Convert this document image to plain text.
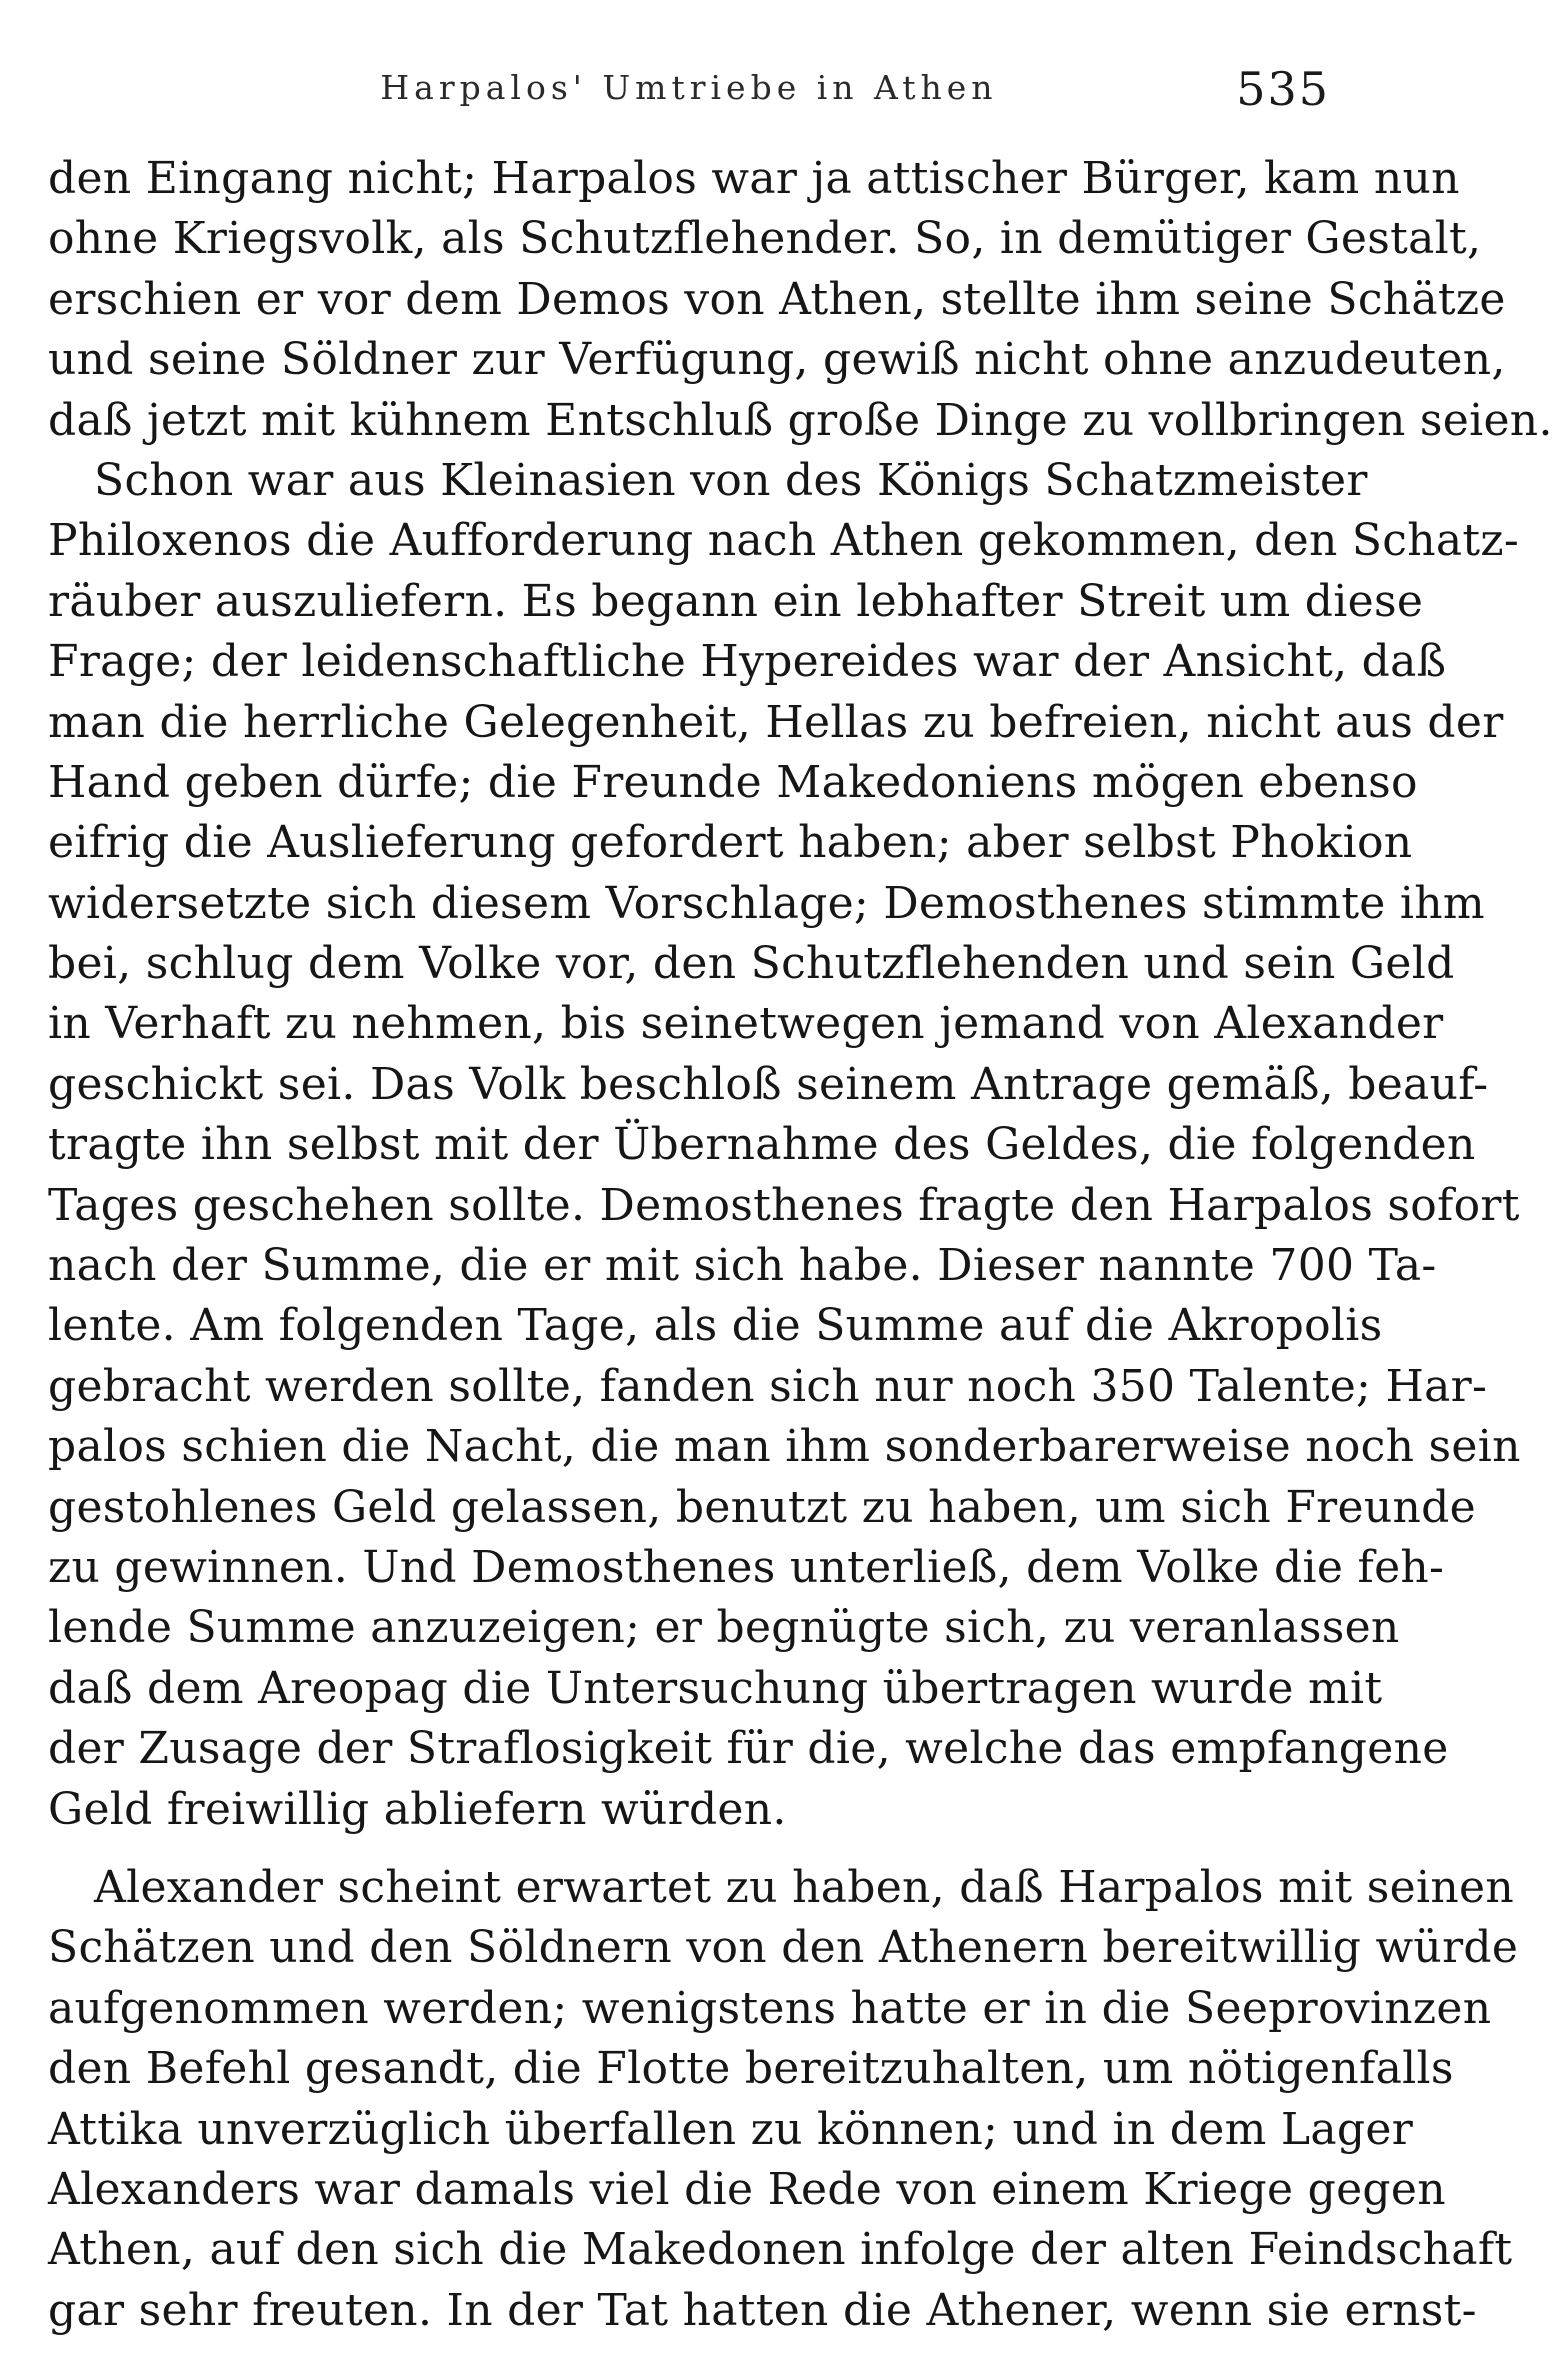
Harpalos' Umtriebe in Athen	535
den Eingang nicht; Harpalos war ja attischer Bürger, kam nun
ohne Kriegsvolk, als Schutzflehender. So, in demütiger Gestalt,
erschien er vor dem Demos von Athen, stellte ihm seine Schätze
und seine Söldner zur Verfügung, gewiß nicht ohne anzudeuten,
daß jetzt mit kühnem Entschluß große Dinge zu vollbringen seien.
Schon war aus Kleinasien von des Königs Schatzmeister
Philoxenos die Aufforderung nach Athen gekommen, den Schatz-
räuber auszuliefern. Es begann ein lebhafter Streit um diese
Frage; der leidenschaftliche Hypereides war der Ansicht, daß
man die herrliche Gelegenheit, Hellas zu befreien, nicht aus der
Hand geben dürfe; die Freunde Makedoniens mögen ebenso
eifrig die Auslieferung gefordert haben; aber selbst Phokion
widersetzte sich diesem Vorschlage; Demosthenes stimmte ihm
bei, schlug dem Volke vor, den Schutzflehenden und sein Geld
in Verhaft zu nehmen, bis seinetwegen jemand von Alexander
geschickt sei. Das Volk beschloß seinem Antrage gemäß, beauf-
tragte ihn selbst mit der Übernahme des Geldes, die folgenden
Tages geschehen sollte. Demosthenes fragte den Harpalos sofort
nach der Summe, die er mit sich habe. Dieser nannte 700 Ta-
lente. Am folgenden Tage, als die Summe auf die Akropolis
gebracht werden sollte, fanden sich nur noch 350 Talente; Har-
palos schien die Nacht, die man ihm sonderbarerweise noch sein
gestohlenes Geld gelassen, benutzt zu haben, um sich Freunde
zu gewinnen. Und Demosthenes unterließ, dem Volke die feh-
lende Summe anzuzeigen; er begnügte sich, zu veranlassen
daß dem Areopag die Untersuchung übertragen wurde mit
der Zusage der Straflosigkeit für die, welche das empfangene
Geld freiwillig abliefern würden.
Alexander scheint erwartet zu haben, daß Harpalos mit seinen
Schätzen und den Söldnern von den Athenern bereitwillig würde
aufgenommen werden; wenigstens hatte er in die Seeprovinzen
den Befehl gesandt, die Flotte bereitzuhalten, um nötigenfalls
Attika unverzüglich überfallen zu können; und in dem Lager
Alexanders war damals viel die Rede von einem Kriege gegen
Athen, auf den sich die Makedonen infolge der alten Feindschaft
gar sehr freuten. In der Tat hatten die Athener, wenn sie ernst-
